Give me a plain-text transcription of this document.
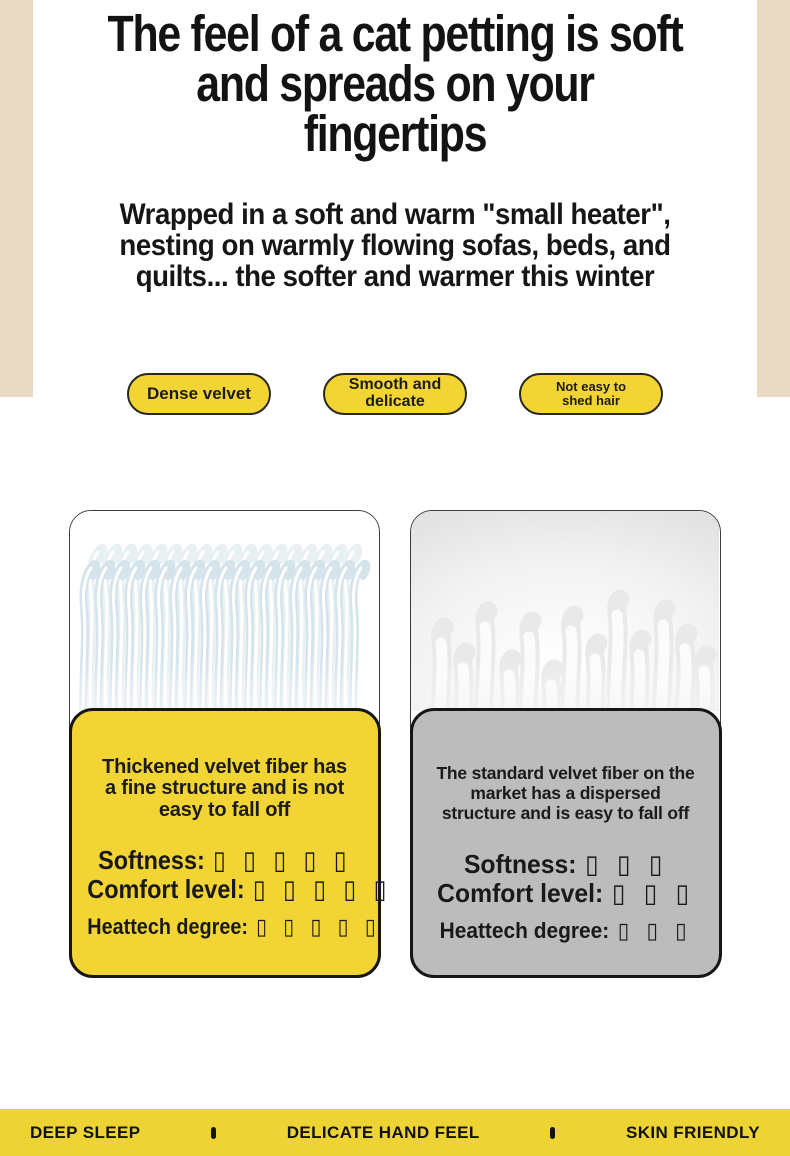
The feel of a cat petting is soft
and spreads on your
fingertips

Wrapped in a soft and warm "small heater",
nesting on warmly flowing sofas, beds, and
quilts... the softer and warmer this winter

Dense velvet	Smooth and
delicate
Not easy to
shed hair

Thickened velvet fiber has
a fine structure and is not
easy to fall off

Softness: ▯ ▯ ▯ ▯ ▯
Comfort level: ▯ ▯ ▯ ▯ ▯
Heattech degree: ▯ ▯ ▯ ▯ ▯

The standard velvet fiber on the
market has a dispersed
structure and is easy to fall off

Softness: ▯ ▯ ▯
Comfort level: ▯ ▯ ▯
Heattech degree: ▯ ▯ ▯
DEEP SLEEP	DELICATE HAND FEEL	SKIN FRIENDLY
